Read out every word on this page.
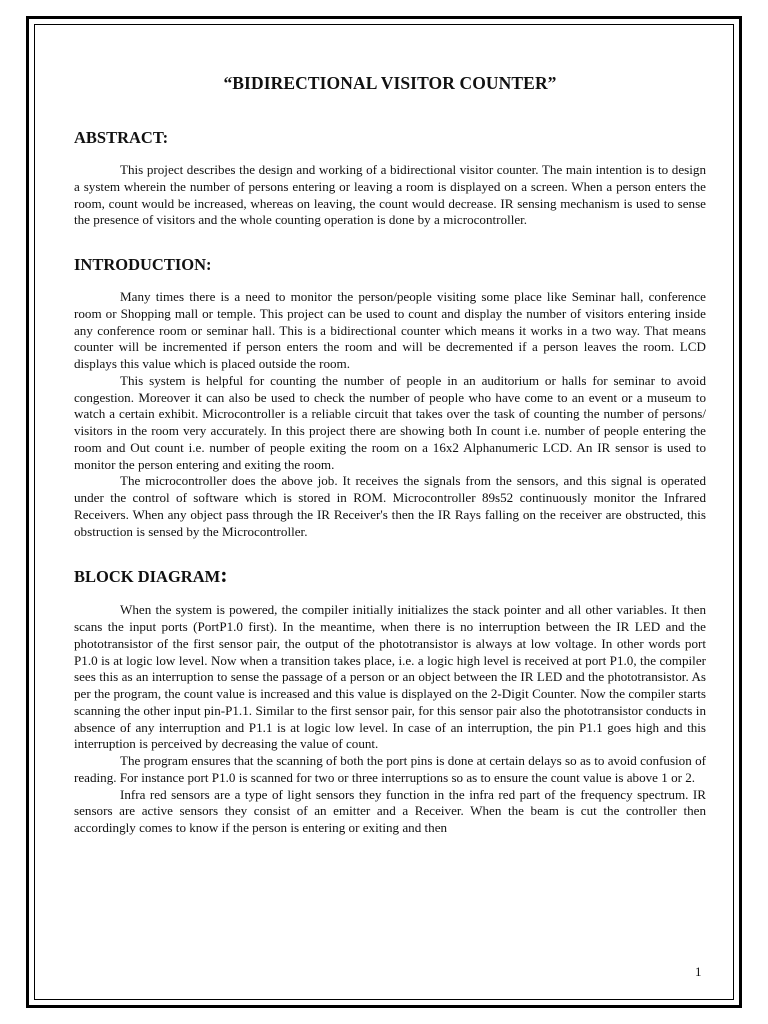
“BIDIRECTIONAL VISITOR COUNTER”
ABSTRACT:

This project describes the design and working of a bidirectional visitor counter. The main intention is to design a system wherein the number of persons entering or leaving a room is displayed on a screen. When a person enters the room, count would be increased, whereas on leaving, the count would decrease. IR sensing mechanism is used to sense the presence of visitors and the whole counting operation is done by a microcontroller.

INTRODUCTION:

Many times there is a need to monitor the person/people visiting some place like Seminar hall, conference room or Shopping mall or temple. This project can be used to count and display the number of visitors entering inside any conference room or seminar hall. This is a bidirectional counter which means it works in a two way. That means counter will be incremented if person enters the room and will be decremented if a person leaves the room. LCD displays this value which is placed outside the room.

This system is helpful for counting the number of people in an auditorium or halls for seminar to avoid congestion. Moreover it can also be used to check the number of people who have come to an event or a museum to watch a certain exhibit. Microcontroller is a reliable circuit that takes over the task of counting the number of persons/ visitors in the room very accurately. In this project there are showing both In count i.e. number of people entering the room and Out count i.e. number of people exiting the room on a 16x2 Alphanumeric LCD. An IR sensor is used to monitor the person entering and exiting the room.

The microcontroller does the above job. It receives the signals from the sensors, and this signal is operated under the control of software which is stored in ROM. Microcontroller 89s52 continuously monitor the Infrared Receivers. When any object pass through the IR Receiver's then the IR Rays falling on the receiver are obstructed, this obstruction is sensed by the Microcontroller.

BLOCK DIAGRAM:

When the system is powered, the compiler initially initializes the stack pointer and all other variables. It then scans the input ports (PortP1.0 first). In the meantime, when there is no interruption between the IR LED and the phototransistor of the first sensor pair, the output of the phototransistor is always at low voltage. In other words port P1.0 is at logic low level. Now when a transition takes place, i.e. a logic high level is received at port P1.0, the compiler sees this as an interruption to sense the passage of a person or an object between the IR LED and the phototransistor. As per the program, the count value is increased and this value is displayed on the 2-Digit Counter. Now the compiler starts scanning the other input pin-P1.1. Similar to the first sensor pair, for this sensor pair also the phototransistor conducts in absence of any interruption and P1.1 is at logic low level. In case of an interruption, the pin P1.1 goes high and this interruption is perceived by decreasing the value of count.

The program ensures that the scanning of both the port pins is done at certain delays so as to avoid confusion of reading. For instance port P1.0 is scanned for two or three interruptions so as to ensure the count value is above 1 or 2.

Infra red sensors are a type of light sensors they function in the infra red part of the frequency spectrum. IR sensors are active sensors they consist of an emitter and a Receiver. When the beam is cut the controller then accordingly comes to know if the person is entering or exiting and then

1
